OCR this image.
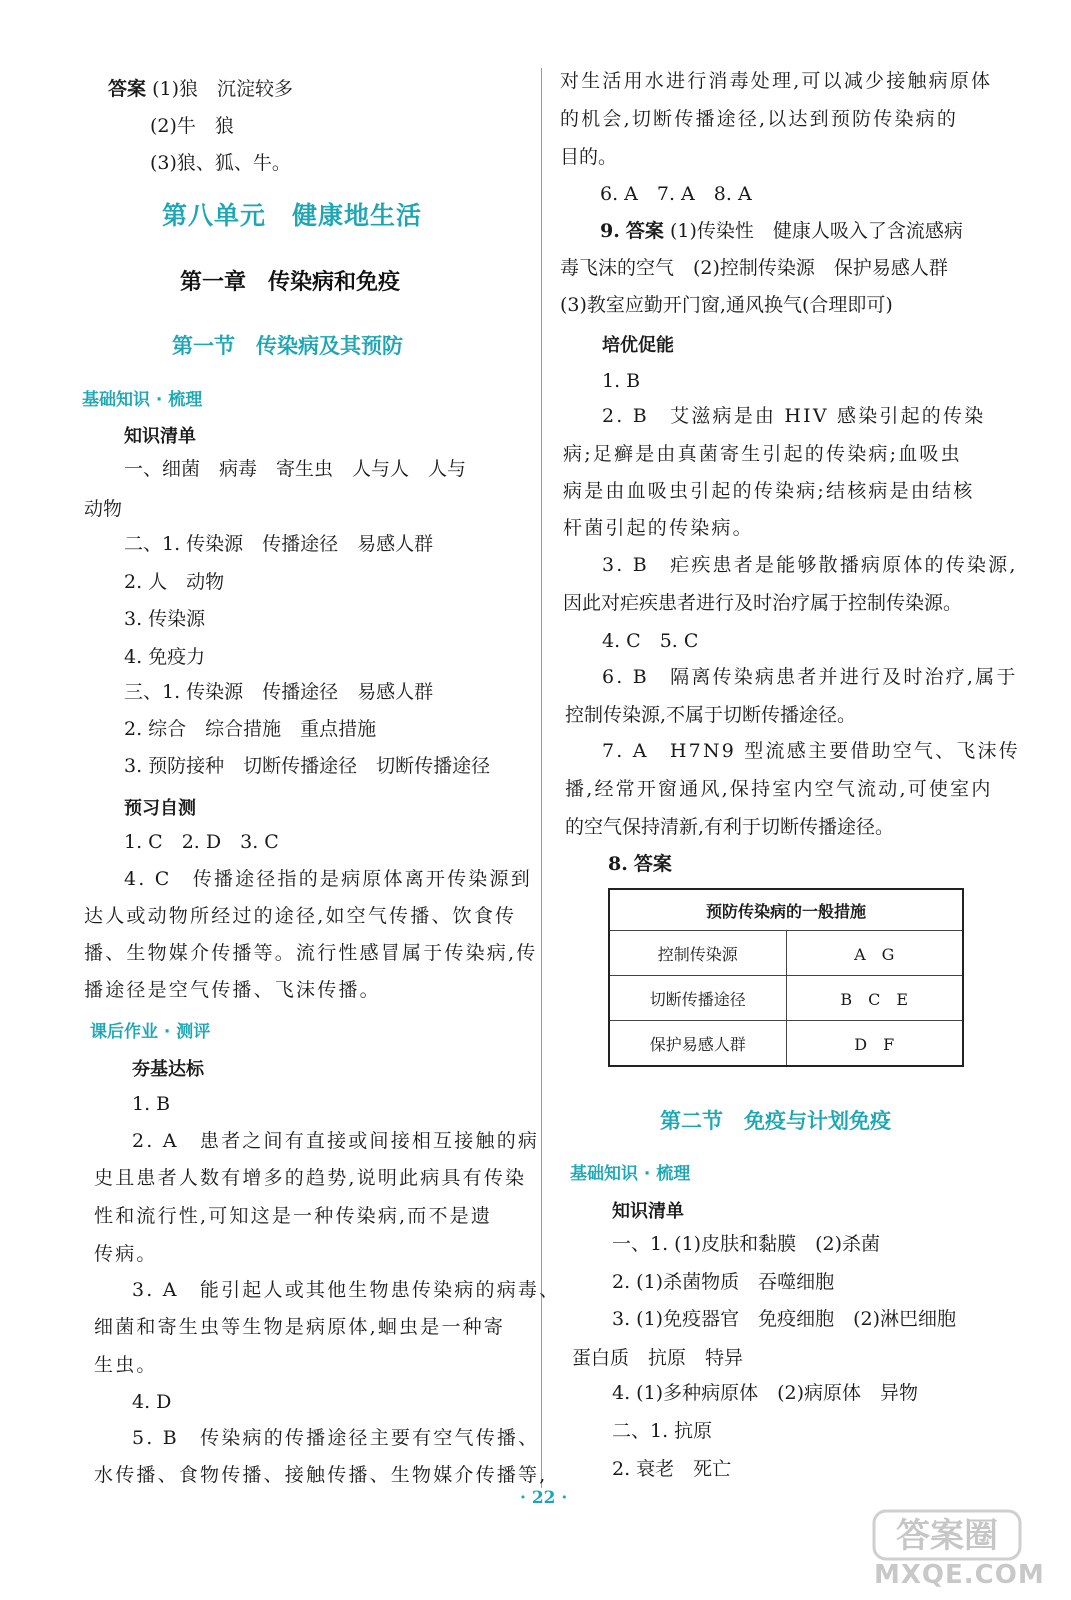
答案 (1)狼　沉淀较多
(2)牛　狼
(3)狼、狐、牛。
第八单元　健康地生活
第一章　传染病和免疫
第一节　传染病及其预防
基础知识 · 梳理
知识清单
一、细菌　病毒　寄生虫　人与人　人与
动物
二、1. 传染源　传播途径　易感人群
2. 人　动物
3. 传染源
4. 免疫力
三、1. 传染源　传播途径　易感人群
2. 综合　综合措施　重点措施
3. 预防接种　切断传播途径　切断传播途径
预习自测
1. C　2. D　3. C
4. C　传播途径指的是病原体离开传染源到
达人或动物所经过的途径,如空气传播、饮食传
播、生物媒介传播等。流行性感冒属于传染病,传
播途径是空气传播、飞沫传播。
课后作业 · 测评
夯基达标
1. B
2. A　患者之间有直接或间接相互接触的病
史且患者人数有增多的趋势,说明此病具有传染
性和流行性,可知这是一种传染病,而不是遗
传病。
3. A　能引起人或其他生物患传染病的病毒、
细菌和寄生虫等生物是病原体,蛔虫是一种寄
生虫。
4. D
5. B　传染病的传播途径主要有空气传播、
水传播、食物传播、接触传播、生物媒介传播等,
对生活用水进行消毒处理,可以减少接触病原体
的机会,切断传播途径,以达到预防传染病的
目的。
6. A　7. A　8. A
9. 答案 (1)传染性　健康人吸入了含流感病
毒飞沫的空气　(2)控制传染源　保护易感人群
(3)教室应勤开门窗,通风换气(合理即可)
培优促能
1. B
2. B　艾滋病是由 HIV 感染引起的传染
病;足癣是由真菌寄生引起的传染病;血吸虫
病是由血吸虫引起的传染病;结核病是由结核
杆菌引起的传染病。
3. B　疟疾患者是能够散播病原体的传染源,
因此对疟疾患者进行及时治疗属于控制传染源。
4. C　5. C
6. B　隔离传染病患者并进行及时治疗,属于
控制传染源,不属于切断传播途径。
7. A　H7N9 型流感主要借助空气、飞沫传
播,经常开窗通风,保持室内空气流动,可使室内
的空气保持清新,有利于切断传播途径。
8. 答案
预防传染病的一般措施	
控制传染源	A　G
切断传播途径	B　C　E
保护易感人群	D　F
第二节　免疫与计划免疫
基础知识 · 梳理
知识清单
一、1. (1)皮肤和黏膜　(2)杀菌
2. (1)杀菌物质　吞噬细胞
3. (1)免疫器官　免疫细胞　(2)淋巴细胞
蛋白质　抗原　特异
4. (1)多种病原体　(2)病原体　异物
二、1. 抗原
2. 衰老　死亡
· 22 ·
答案圈
MXQE.COM
